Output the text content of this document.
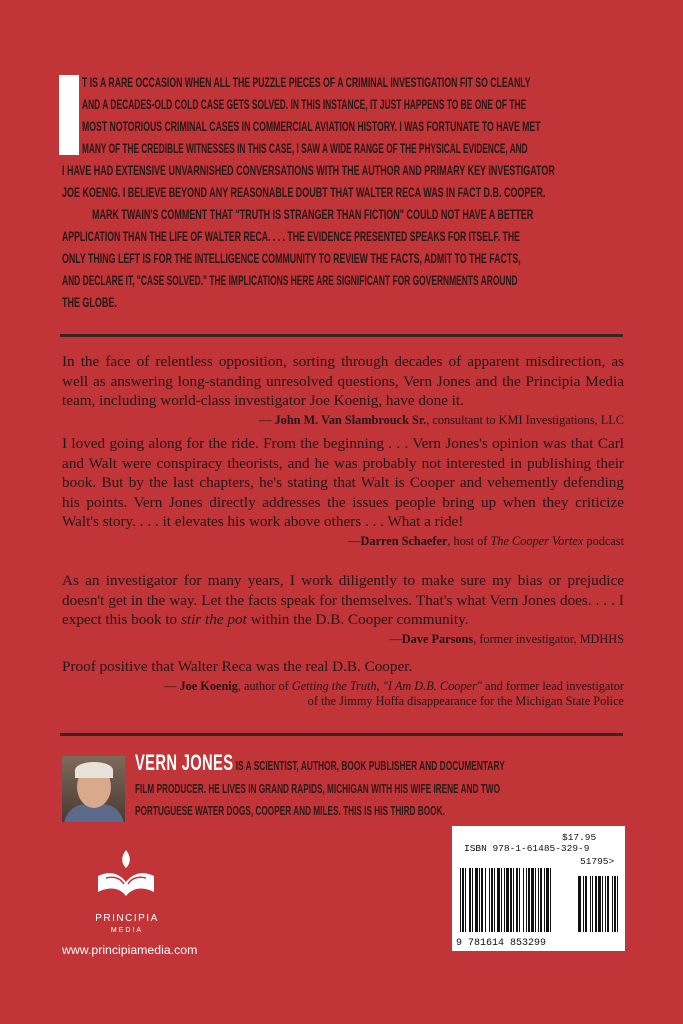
T IS A RARE OCCASION WHEN ALL THE PUZZLE PIECES OF A CRIMINAL INVESTIGATION FIT SO CLEANLY
AND A DECADES-OLD COLD CASE GETS SOLVED. IN THIS INSTANCE, IT JUST HAPPENS TO BE ONE OF THE
MOST NOTORIOUS CRIMINAL CASES IN COMMERCIAL AVIATION HISTORY. I WAS FORTUNATE TO HAVE MET
MANY OF THE CREDIBLE WITNESSES IN THIS CASE, I SAW A WIDE RANGE OF THE PHYSICAL EVIDENCE, AND
I HAVE HAD EXTENSIVE UNVARNISHED CONVERSATIONS WITH THE AUTHOR AND PRIMARY KEY INVESTIGATOR
JOE KOENIG. I BELIEVE BEYOND ANY REASONABLE DOUBT THAT WALTER RECA WAS IN FACT D.B. COOPER.
MARK TWAIN'S COMMENT THAT "TRUTH IS STRANGER THAN FICTION" COULD NOT HAVE A BETTER
APPLICATION THAN THE LIFE OF WALTER RECA. . . . THE EVIDENCE PRESENTED SPEAKS FOR ITSELF. THE
ONLY THING LEFT IS FOR THE INTELLIGENCE COMMUNITY TO REVIEW THE FACTS, ADMIT TO THE FACTS,
AND DECLARE IT, "CASE SOLVED." THE IMPLICATIONS HERE ARE SIGNIFICANT FOR GOVERNMENTS AROUND
THE GLOBE.

In the face of relentless opposition, sorting through decades of apparent misdirection, as well as answering long-standing unresolved questions, Vern Jones and the Principia Media team, including world-class investigator Joe Koenig, have done it.

— John M. Van Slambrouck Sr., consultant to KMI Investigations, LLC

I loved going along for the ride. From the beginning . . . Vern Jones's opinion was that Carl and Walt were conspiracy theorists, and he was probably not interested in publishing their book. But by the last chapters, he's stating that Walt is Cooper and vehemently defending his points. Vern Jones directly addresses the issues people bring up when they criticize Walt's story. . . . it elevates his work above others . . . What a ride!

—Darren Schaefer, host of The Cooper Vortex podcast

As an investigator for many years, I work diligently to make sure my bias or prejudice doesn't get in the way. Let the facts speak for themselves. That's what Vern Jones does. . . . I expect this book to stir the pot within the D.B. Cooper community.

—Dave Parsons, former investigator, MDHHS

Proof positive that Walter Reca was the real D.B. Cooper.

— Joe Koenig, author of Getting the Truth, "I Am D.B. Cooper" and former lead investigator
of the Jimmy Hoffa disappearance for the Michigan State Police
VERN JONES IS A SCIENTIST, AUTHOR, BOOK PUBLISHER AND DOCUMENTARY
FILM PRODUCER. HE LIVES IN GRAND RAPIDS, MICHIGAN WITH HIS WIFE IRENE AND TWO
PORTUGUESE WATER DOGS, COOPER AND MILES. THIS IS HIS THIRD BOOK.
PRINCIPIA
MEDIA
www.principiamedia.com
$17.95
ISBN 978-1-61485-329-9
51795>
9 781614 853299
